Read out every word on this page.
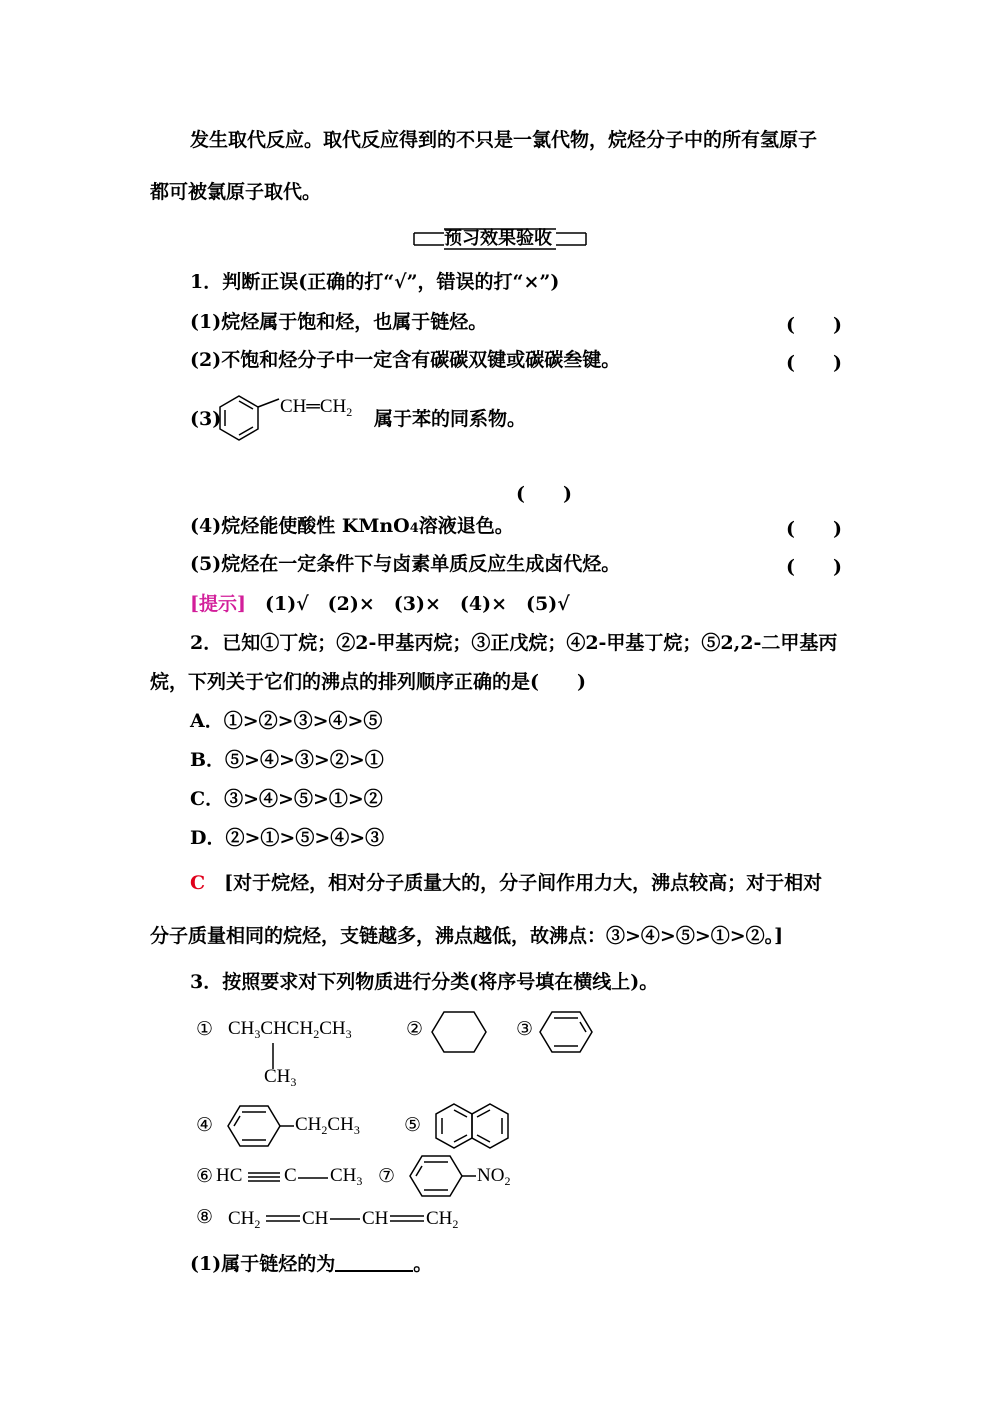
发生取代反应。取代反应得到的不只是一氯代物，烷烃分子中的所有氢原子
都可被氯原子取代。
预习效果验收
1．判断正误(正确的打“√”，错误的打“×”)
(1)烷烃属于饱和烃，也属于链烃。	(　　)
(2)不饱和烃分子中一定含有碳碳双键或碳碳叁键。	(　　)
(3)
$CH═CH_2$ 属于苯的同系物。
(　　)
(4)烷烃能使酸性 KMnO4溶液退色。	(　　)
(5)烷烃在一定条件下与卤素单质反应生成卤代烃。	(　　)
[提示]　 (1)√　(2)×　(3)×　(4)×　(5)√
2．已知①丁烷；②2-甲基丙烷；③正戊烷；④2-甲基丁烷；⑤2,2-二甲基丙
烷，下列关于它们的沸点的排列顺序正确的是(　　)
A．①>②>③>④>⑤
B．⑤>④>③>②>①
C．③>④>⑤>①>②
D．②>①>⑤>④>③
C　 [对于烷烃，相对分子质量大的，分子间作用力大，沸点较高；对于相对
分子质量相同的烷烃，支链越多，沸点越低，故沸点：③>④>⑤>①>②。]
3．按照要求对下列物质进行分类(将序号填在横线上)。
① $CH_3CHCH_2CH_3$
$CH_3$
②	③
④	$CH_2CH_3$ ⑤
⑥ HC C $CH_3$ ⑦	$NO_2$
⑧ $CH_2$ CH CH $CH_2$
(1)属于链烃的为	。
